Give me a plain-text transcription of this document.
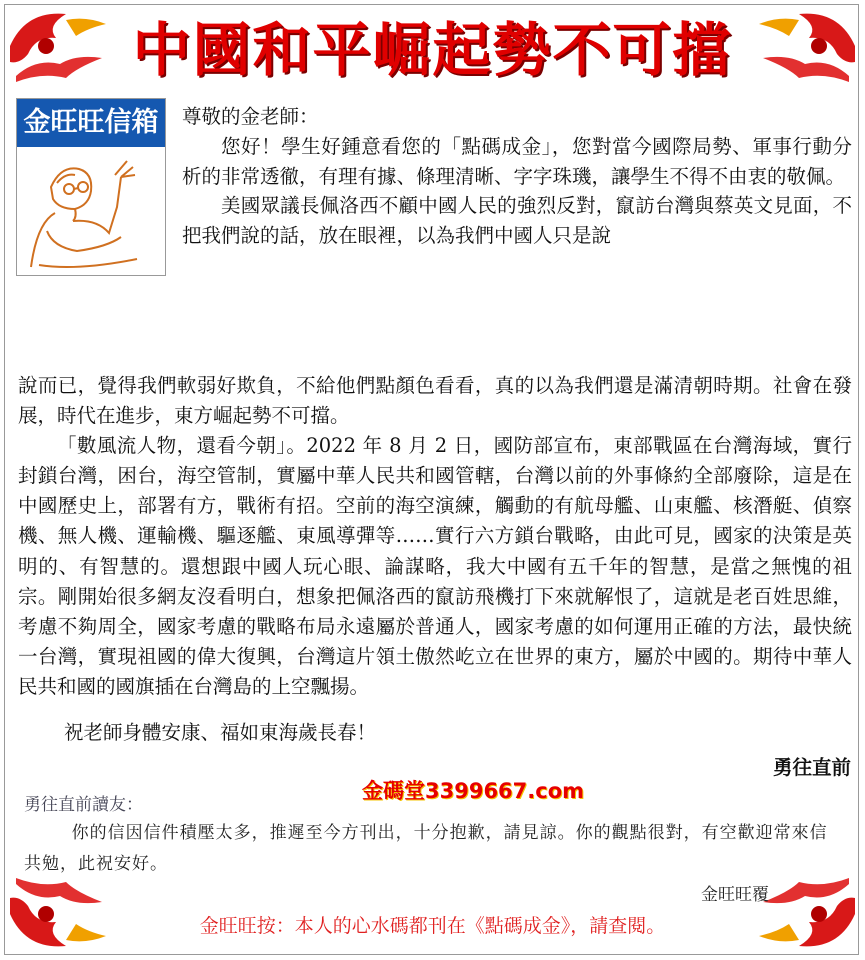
中國和平崛起勢不可擋
金旺旺信箱	尊敬的金老師：

您好！學生好鍾意看您的「點碼成金」，您對當今國際局勢、軍事行動分析的非常透徹，有理有據、條理清晰、字字珠璣，讓學生不得不由衷的敬佩。

美國眾議長佩洛西不顧中國人民的強烈反對，竄訪台灣與蔡英文見面，不把我們說的話，放在眼裡，以為我們中國人只是說

說而已，覺得我們軟弱好欺負，不給他們點顏色看看，真的以為我們還是滿清朝時期。社會在發展，時代在進步，東方崛起勢不可擋。

「數風流人物，還看今朝」。2022 年 8 月 2 日，國防部宣布，東部戰區在台灣海域，實行封鎖台灣，困台，海空管制，實屬中華人民共和國管轄，台灣以前的外事條約全部廢除，這是在中國歷史上，部署有方，戰術有招。空前的海空演練，觸動的有航母艦、山東艦、核潛艇、偵察機、無人機、運輸機、驅逐艦、東風導彈等……實行六方鎖台戰略，由此可見，國家的決策是英明的、有智慧的。還想跟中國人玩心眼、論謀略，我大中國有五千年的智慧，是當之無愧的祖宗。剛開始很多網友沒看明白，想象把佩洛西的竄訪飛機打下來就解恨了，這就是老百姓思維，考慮不夠周全，國家考慮的戰略布局永遠屬於普通人，國家考慮的如何運用正確的方法，最快統一台灣，實現祖國的偉大復興，台灣這片領土傲然屹立在世界的東方，屬於中國的。期待中華人民共和國的國旗插在台灣島的上空飄揚。

祝老師身體安康、福如東海歲長春！
勇往直前
金碼堂3399667.com
勇往直前讀友：
你的信因信件積壓太多，推遲至今方刊出，十分抱歉，請見諒。你的觀點很對，有空歡迎常來信共勉，此祝安好。
金旺旺覆
金旺旺按：本人的心水碼都刊在《點碼成金》，請查閱。
